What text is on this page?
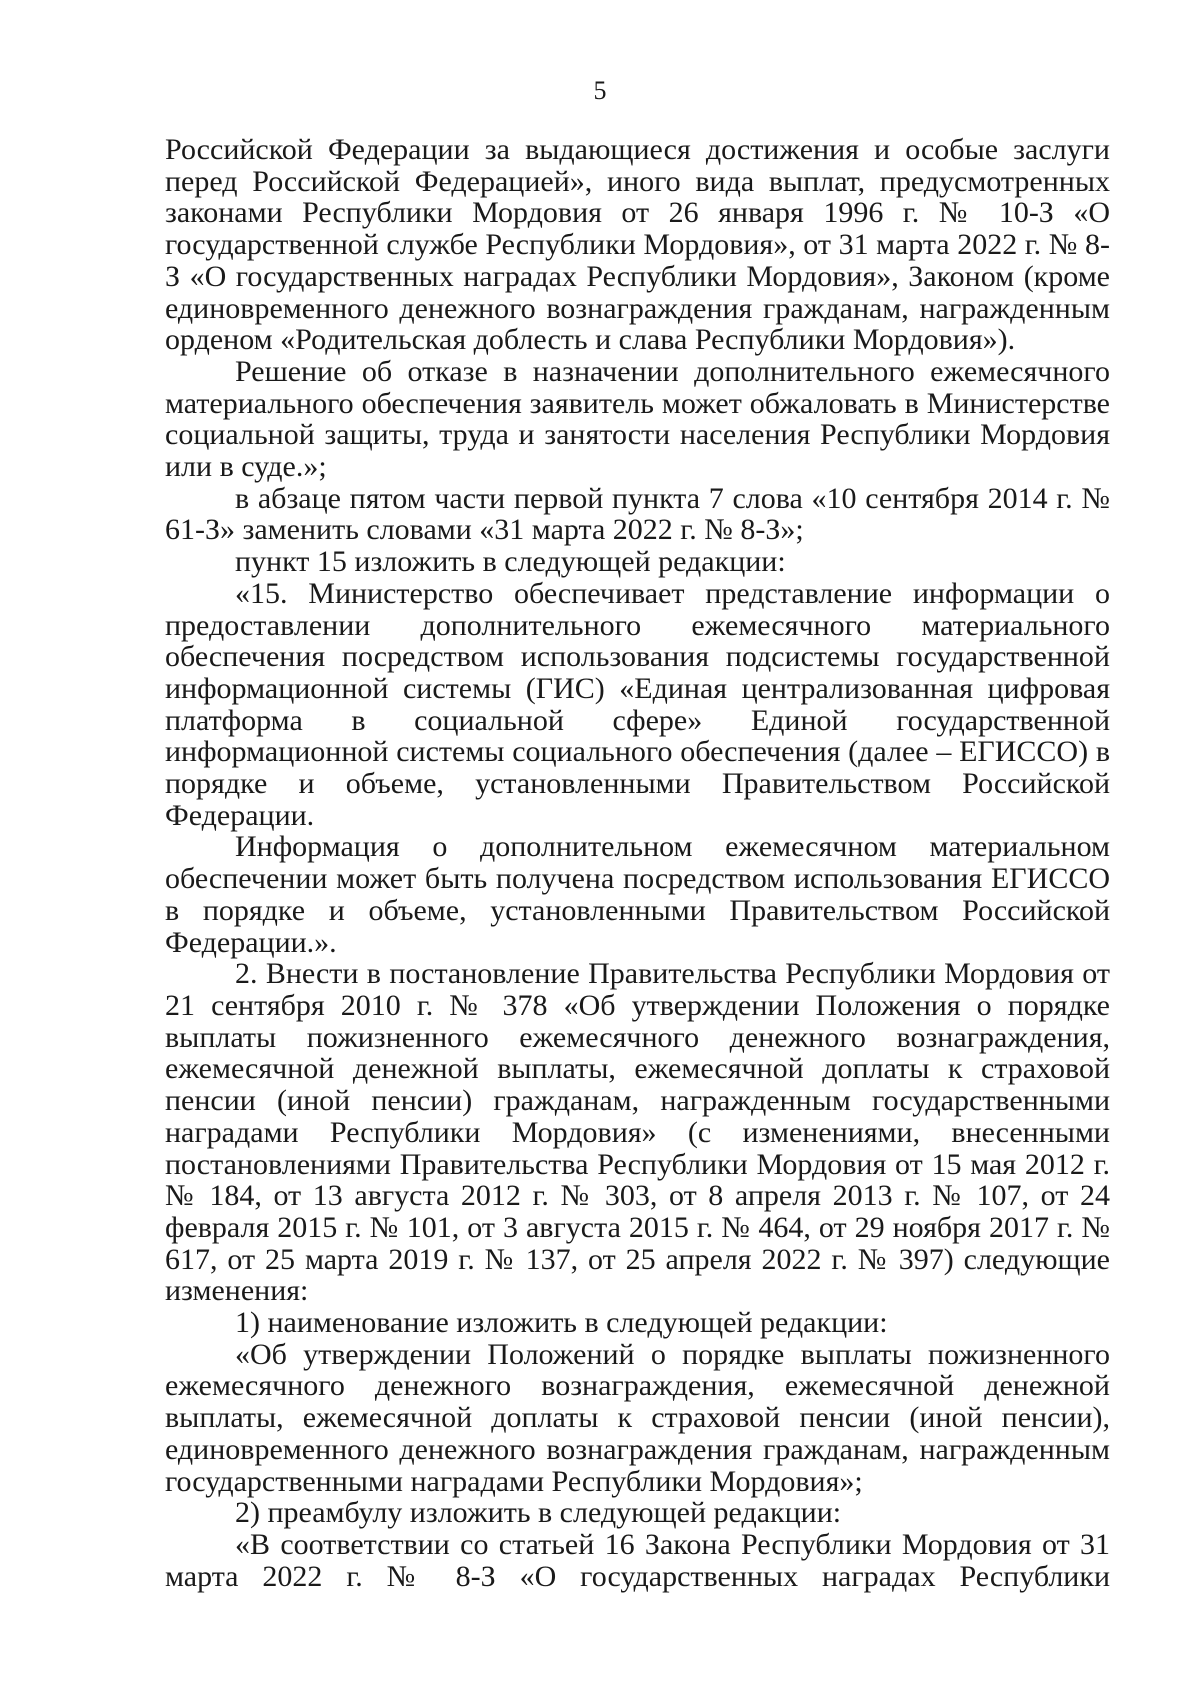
5

Российской Федерации за выдающиеся достижения и особые заслуги перед Российской Федерацией», иного вида выплат, предусмотренных законами Республики Мордовия от 26 января 1996 г. № 10-З «О государственной службе Республики Мордовия», от 31 марта 2022 г. № 8-З «О государственных наградах Республики Мордовия», Законом (кроме единовременного денежного вознаграждения гражданам, награжденным орденом «Родительская доблесть и слава Республики Мордовия»).

Решение об отказе в назначении дополнительного ежемесячного материального обеспечения заявитель может обжаловать в Министерстве социальной защиты, труда и занятости населения Республики Мордовия или в суде.»;

в абзаце пятом части первой пункта 7 слова «10 сентября 2014 г. № 61-З» заменить словами «31 марта 2022 г. № 8-З»;

пункт 15 изложить в следующей редакции:

«15. Министерство обеспечивает представление информации о предоставлении дополнительного ежемесячного материального обеспечения посредством использования подсистемы государственной информационной системы (ГИС) «Единая централизованная цифровая платформа в социальной сфере» Единой государственной информационной системы социального обеспечения (далее – ЕГИССО) в порядке и объеме, установленными Правительством Российской Федерации.

Информация о дополнительном ежемесячном материальном обеспечении может быть получена посредством использования ЕГИССО в порядке и объеме, установленными Правительством Российской Федерации.».

2. Внести в постановление Правительства Республики Мордовия от 21 сентября 2010 г. № 378 «Об утверждении Положения о порядке выплаты пожизненного ежемесячного денежного вознаграждения, ежемесячной денежной выплаты, ежемесячной доплаты к страховой пенсии (иной пенсии) гражданам, награжденным государственными наградами Республики Мордовия» (с изменениями, внесенными постановлениями Правительства Республики Мордовия от 15 мая 2012 г. № 184, от 13 августа 2012 г. № 303, от 8 апреля 2013 г. № 107, от 24 февраля 2015 г. № 101, от 3 августа 2015 г. № 464, от 29 ноября 2017 г. № 617, от 25 марта 2019 г. № 137, от 25 апреля 2022 г. № 397) следующие изменения:

1) наименование изложить в следующей редакции:

«Об утверждении Положений о порядке выплаты пожизненного ежемесячного денежного вознаграждения, ежемесячной денежной выплаты, ежемесячной доплаты к страховой пенсии (иной пенсии), единовременного денежного вознаграждения гражданам, награжденным государственными наградами Республики Мордовия»;

2) преамбулу изложить в следующей редакции:

«В соответствии со статьей 16 Закона Республики Мордовия от 31 марта 2022 г. № 8-З «О государственных наградах Республики
